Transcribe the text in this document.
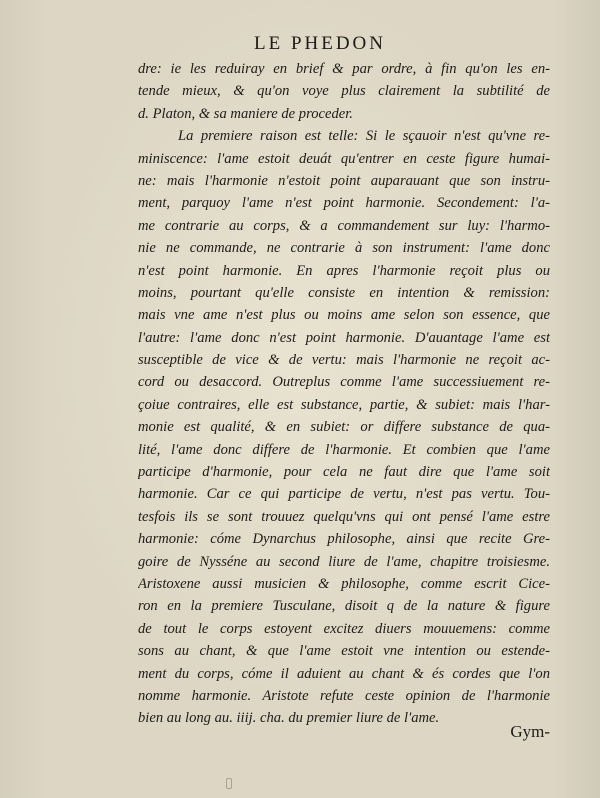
LE PHEDON
dre: ie les reduiray en brief & par ordre, à fin qu'on les en-
tende mieux, & qu'on voye plus clairement la subtilité de
d. Platon, & sa maniere de proceder.
La premiere raison est telle: Si le sçauoir n'est qu'vne re-
miniscence: l'ame estoit deuát qu'entrer en ceste figure humai-
ne: mais l'harmonie n'estoit point auparauant que son instru-
ment, parquoy l'ame n'est point harmonie. Secondement: l'a-
me contrarie au corps, & a commandement sur luy: l'harmo-
nie ne commande, ne contrarie à son instrument: l'ame donc
n'est point harmonie. En apres l'harmonie reçoit plus ou
moins, pourtant qu'elle consiste en intention & remission:
mais vne ame n'est plus ou moins ame selon son essence, que
l'autre: l'ame donc n'est point harmonie. D'auantage l'ame est
susceptible de vice & de vertu: mais l'harmonie ne reçoit ac-
cord ou desaccord. Outreplus comme l'ame successiuement re-
çoiue contraires, elle est substance, partie, & subiet: mais l'har-
monie est qualité, & en subiet: or differe substance de qua-
lité, l'ame donc differe de l'harmonie. Et combien que l'ame
participe d'harmonie, pour cela ne faut dire que l'ame soit
harmonie. Car ce qui participe de vertu, n'est pas vertu. Tou-
tesfois ils se sont trouuez quelqu'vns qui ont pensé l'ame estre
harmonie: cóme Dynarchus philosophe, ainsi que recite Gre-
goire de Nysséne au second liure de l'ame, chapitre troisiesme.
Aristoxene aussi musicien & philosophe, comme escrit Cice-
ron en la premiere Tusculane, disoit q de la nature & figure
de tout le corps estoyent excitez diuers mouuemens: comme
sons au chant, & que l'ame estoit vne intention ou estende-
ment du corps, cóme il aduient au chant & és cordes que l'on
nomme harmonie. Aristote refute ceste opinion de l'harmonie
bien au long au. iiij. cha. du premier liure de l'ame.
Gym-
